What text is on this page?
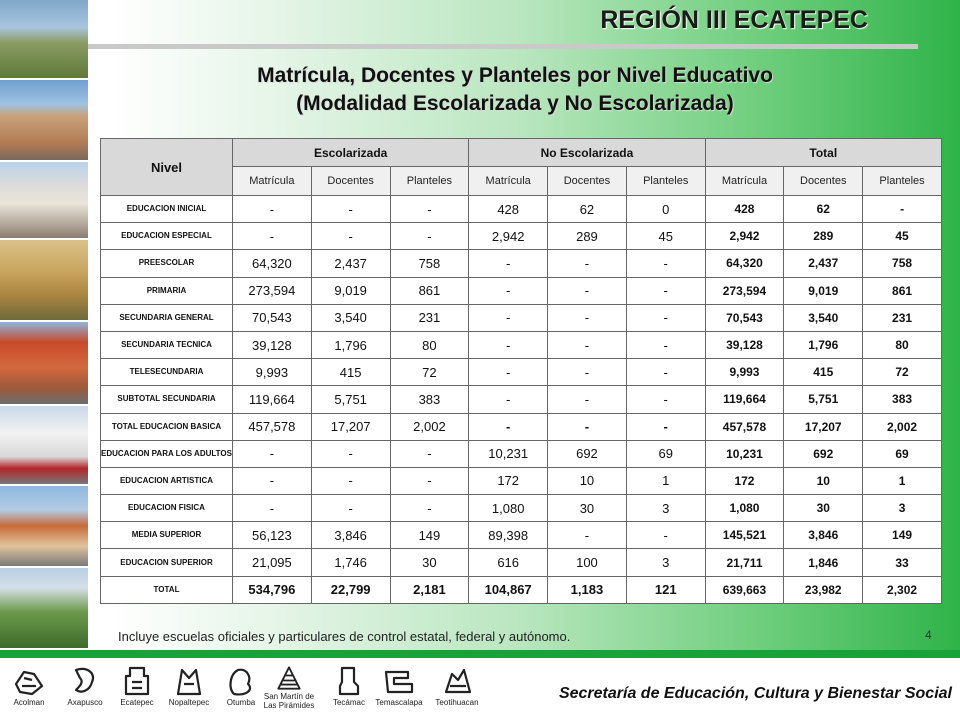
REGIÓN III ECATEPEC
Matrícula, Docentes y Planteles por Nivel Educativo
(Modalidad Escolarizada y No Escolarizada)
Nivel	Escolarizada			No Escolarizada			Total		
	Matrícula	Docentes	Planteles	Matrícula	Docentes	Planteles	Matrícula	Docentes	Planteles
EDUCACION INICIAL	-	-	-	428	62	0	428	62	-
EDUCACION ESPECIAL	-	-	-	2,942	289	45	2,942	289	45
PREESCOLAR	64,320	2,437	758	-	-	-	64,320	2,437	758
PRIMARIA	273,594	9,019	861	-	-	-	273,594	9,019	861
SECUNDARIA GENERAL	70,543	3,540	231	-	-	-	70,543	3,540	231
SECUNDARIA TECNICA	39,128	1,796	80	-	-	-	39,128	1,796	80
TELESECUNDARIA	9,993	415	72	-	-	-	9,993	415	72
SUBTOTAL SECUNDARIA	119,664	5,751	383	-	-	-	119,664	5,751	383
TOTAL EDUCACION BASICA	457,578	17,207	2,002	-	-	-	457,578	17,207	2,002
EDUCACION PARA LOS ADULTOS	-	-	-	10,231	692	69	10,231	692	69
EDUCACION ARTISTICA	-	-	-	172	10	1	172	10	1
EDUCACION FISICA	-	-	-	1,080	30	3	1,080	30	3
MEDIA SUPERIOR	56,123	3,846	149	89,398	-	-	145,521	3,846	149
EDUCACION SUPERIOR	21,095	1,746	30	616	100	3	21,711	1,846	33
TOTAL	534,796	22,799	2,181	104,867	1,183	121	639,663	23,982	2,302
Incluye escuelas oficiales y particulares de control estatal, federal y autónomo.	4
Acolman	Axapusco	Ecatepec	Nopaltepec	Otumba
San Martín de
Las Pirámides	Tecámac	Temascalapa	Teotihuacan
Secretaría de Educación, Cultura y Bienestar Social
